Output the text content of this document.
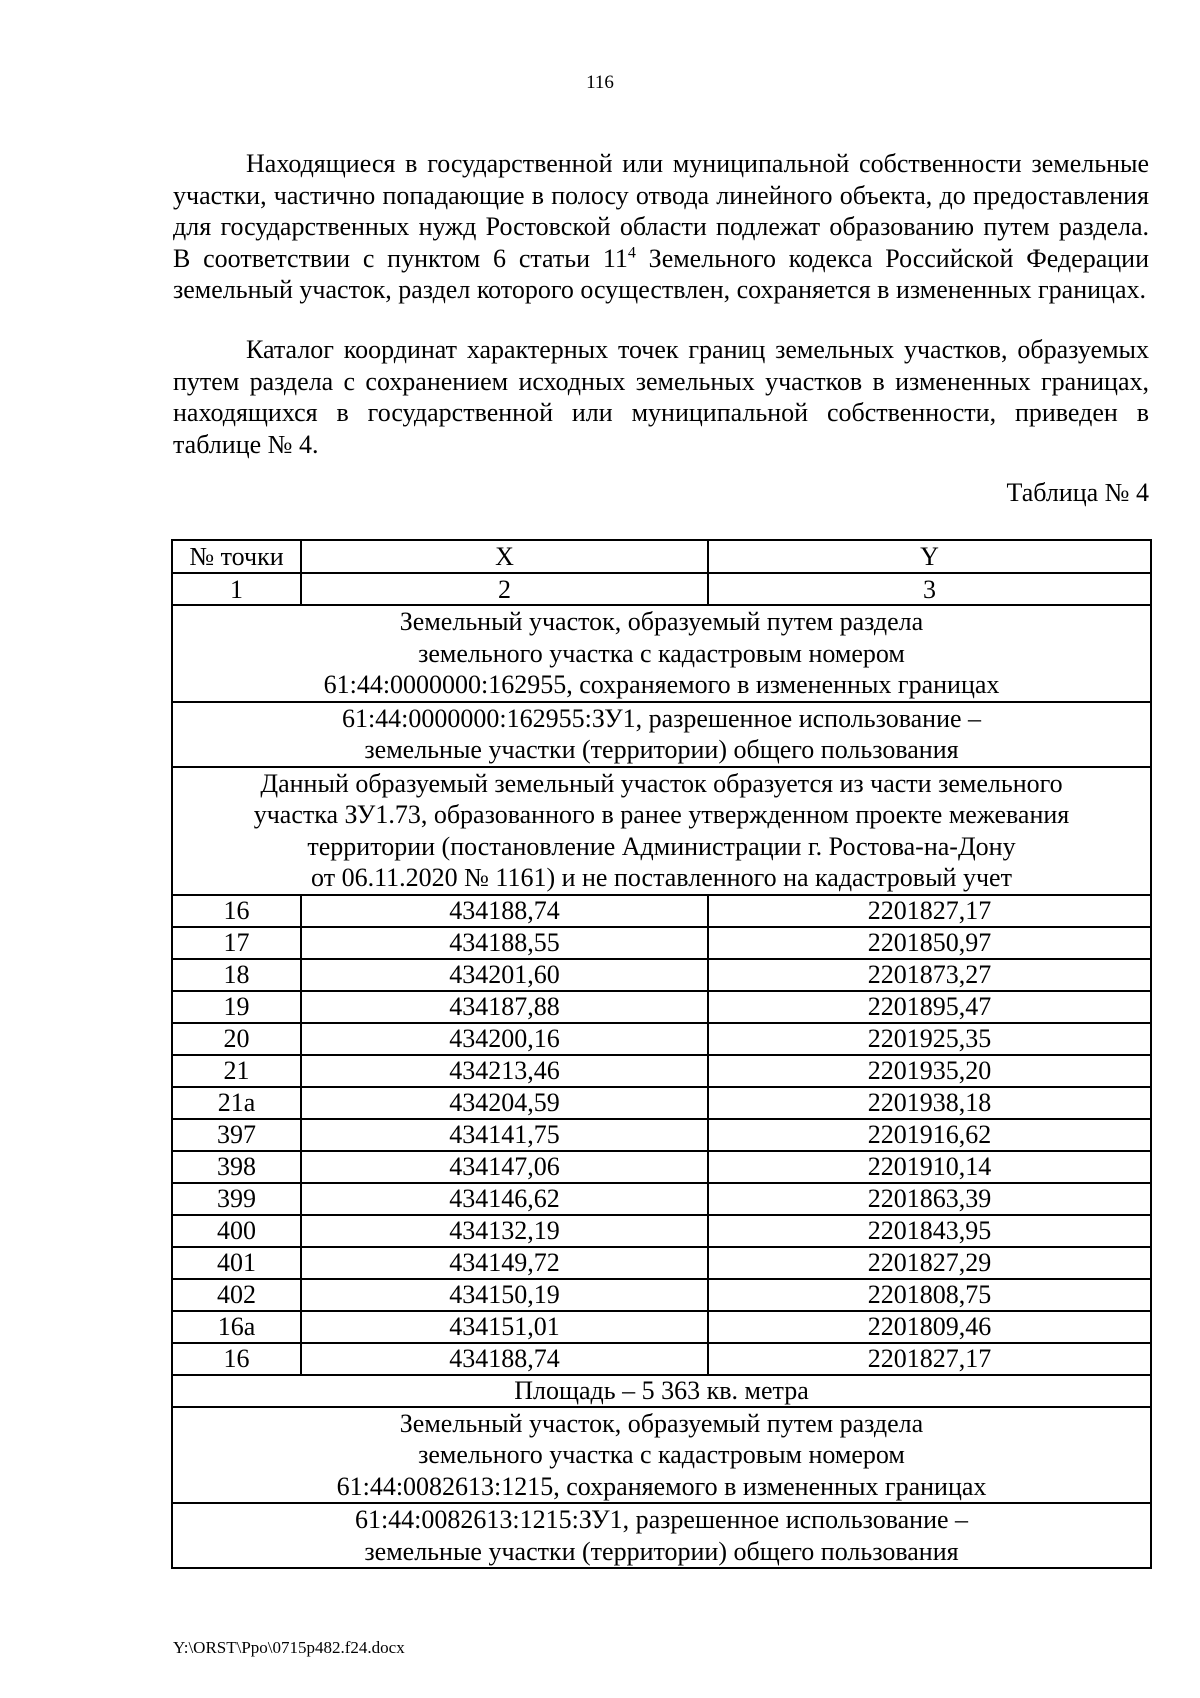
116

Находящиеся в государственной или муниципальной собственности земельные участки, частично попадающие в полосу отвода линейного объекта, до предоставления для государственных нужд Ростовской области подлежат образованию путем раздела. В соответствии с пунктом 6 статьи $11^4$ Земельного кодекса Российской Федерации земельный участок, раздел которого осуществлен, сохраняется в измененных границах.

Каталог координат характерных точек границ земельных участков, образуемых путем раздела с сохранением исходных земельных участков в измененных границах, находящихся в государственной или муниципальной собственности, приведен в таблице № 4.

Таблица № 4
№ точки	X	Y
1	2	3

Земельный участок, образуемый путем раздела
земельного участка с кадастровым номером
61:44:0000000:162955, сохраняемого в измененных границах		

61:44:0000000:162955:ЗУ1, разрешенное использование –
земельные участки (территории) общего пользования		

Данный образуемый земельный участок образуется из части земельного
участка ЗУ1.73, образованного в ранее утвержденном проекте межевания
территории (постановление Администрации г. Ростова-на-Дону
от 06.11.2020 № 1161) и не поставленного на кадастровый учет		

16	434188,74	2201827,17
17	434188,55	2201850,97
18	434201,60	2201873,27
19	434187,88	2201895,47
20	434200,16	2201925,35
21	434213,46	2201935,20
21а	434204,59	2201938,18
397	434141,75	2201916,62
398	434147,06	2201910,14
399	434146,62	2201863,39
400	434132,19	2201843,95
401	434149,72	2201827,29
402	434150,19	2201808,75
16а	434151,01	2201809,46
16	434188,74	2201827,17
Площадь – 5 363 кв. метра		

Земельный участок, образуемый путем раздела
земельного участка с кадастровым номером
61:44:0082613:1215, сохраняемого в измененных границах		

61:44:0082613:1215:ЗУ1, разрешенное использование –
земельные участки (территории) общего пользования		
Y:\ORST\Ppo\0715p482.f24.docx
